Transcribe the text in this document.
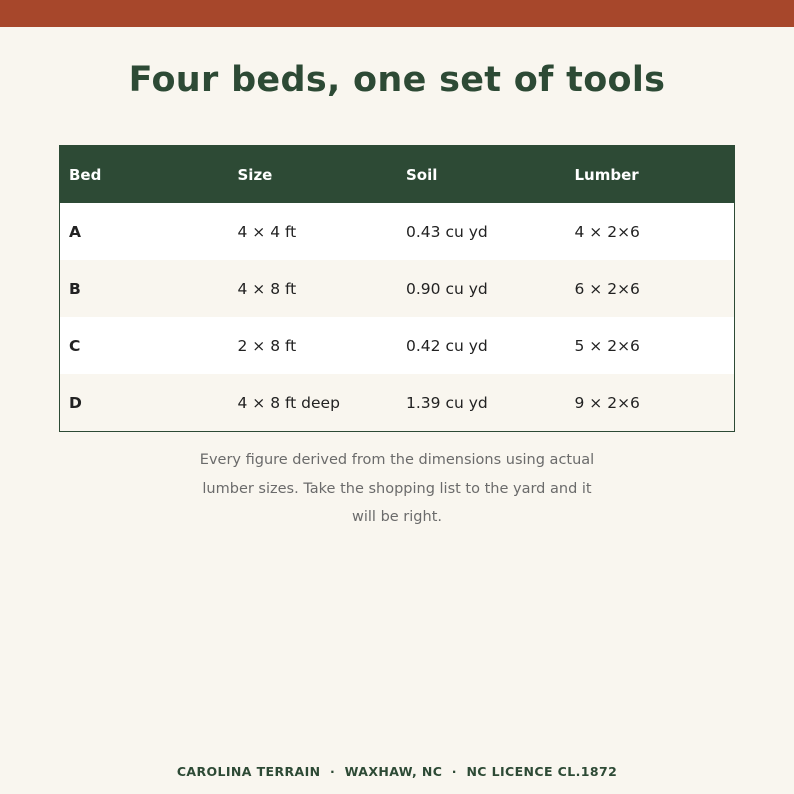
Four beds, one set of tools
Bed	Size	Soil	Lumber
A	4 × 4 ft	0.43 cu yd	4 × 2×6
B	4 × 8 ft	0.90 cu yd	6 × 2×6
C	2 × 8 ft	0.42 cu yd	5 × 2×6
D	4 × 8 ft deep	1.39 cu yd	9 × 2×6

Every figure derived from the dimensions using actual lumber sizes. Take the shopping list to the yard and it will be right.

CAROLINA TERRAIN  ·  WAXHAW, NC  ·  NC LICENCE CL.1872
